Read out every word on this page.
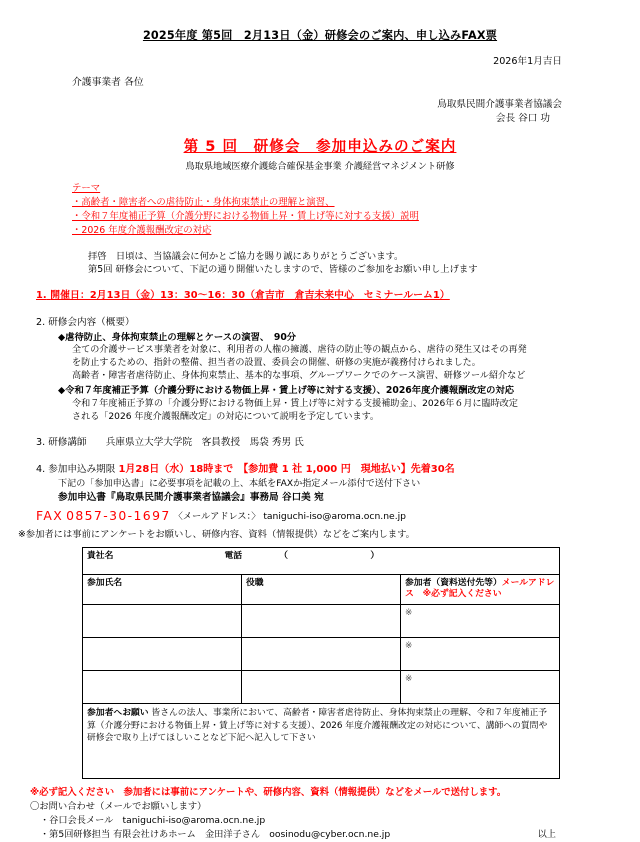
2025年度 第5回　2月13日（金）研修会のご案内、申し込みFAX票
2026年1月吉日
介護事業者 各位
鳥取県民間介護事業者協議会
会長 谷口 功
第 5 回　研修会　参加申込みのご案内
鳥取県地域医療介護総合確保基金事業 介護経営マネジメント研修
テーマ
・高齢者・障害者への虐待防止・身体拘束禁止の理解と演習、
・令和７年度補正予算（介護分野における物価上昇・賃上げ等に対する支援）説明
・2026 年度介護報酬改定の対応
拝啓　日頃は、当協議会に何かとご協力を賜り誠にありがとうございます。
第5回 研修会について、下記の通り開催いたしますので、皆様のご参加をお願い申し上げます
1. 開催日：2月13日（金）13：30～16：30（倉吉市　倉吉未来中心　セミナールーム1）
2. 研修会内容（概要）
◆虐待防止、身体拘束禁止の理解とケースの演習、　90分
全ての介護サービス事業者を対象に、利用者の人権の擁護、虐待の防止等の観点から、虐待の発生又はその再発
を防止するための、指針の整備、担当者の設置、委員会の開催、研修の実施が義務付けられました。
高齢者・障害者虐待防止、身体拘束禁止、基本的な事項、グループワークでのケース演習、研修ツール紹介など
◆令和７年度補正予算（介護分野における物価上昇・賃上げ等に対する支援）、2026年度介護報酬改定の対応
令和７年度補正予算の「介護分野における物価上昇・賃上げ等に対する支援補助金」、2026年６月に臨時改定
される「2026 年度介護報酬改定」の対応について説明を予定しています。
3. 研修講師　　兵庫県立大学大学院　客員教授　馬袋 秀男 氏
4. 参加申込み期限 1月28日（水）18時まで　【参加費 1 社 1,000 円　現地払い】先着30名
下記の「参加申込書」に必要事項を記載の上、本紙をFAXか指定メール添付で送付下さい
参加申込書『鳥取県民間介護事業者協議会』事務局 谷口美 宛
FAX 0857-30-1697 〈メールアドレス：〉 taniguchi-iso@aroma.ocn.ne.jp
※参加者には事前にアンケートをお願いし、研修内容、資料（情報提供）などをご案内します。
貴社名 電話 （　　　）		
参加氏名	役職	参加者（資料送付先等）メールアドレス　※必ず記入ください
		※
		※
		※
参加者へお願い 皆さんの法人、事業所において、高齢者・障害者虐待防止、身体拘束禁止の理解、令和７年度補正予算（介護分野における物価上昇・賃上げ等に対する支援）、2026 年度介護報酬改定の対応について、講師への質問や研修会で取り上げてほしいことなど下記へ記入して下さい		
※必ず記入ください　参加者には事前にアンケートや、研修内容、資料（情報提供）などをメールで送付します。
〇お問い合わせ（メールでお願いします）
・谷口会長メール　taniguchi-iso@aroma.ocn.ne.jp
以上
・第5回研修担当 有限会社けあホーム　金田洋子さん　oosinodu@cyber.ocn.ne.jp
